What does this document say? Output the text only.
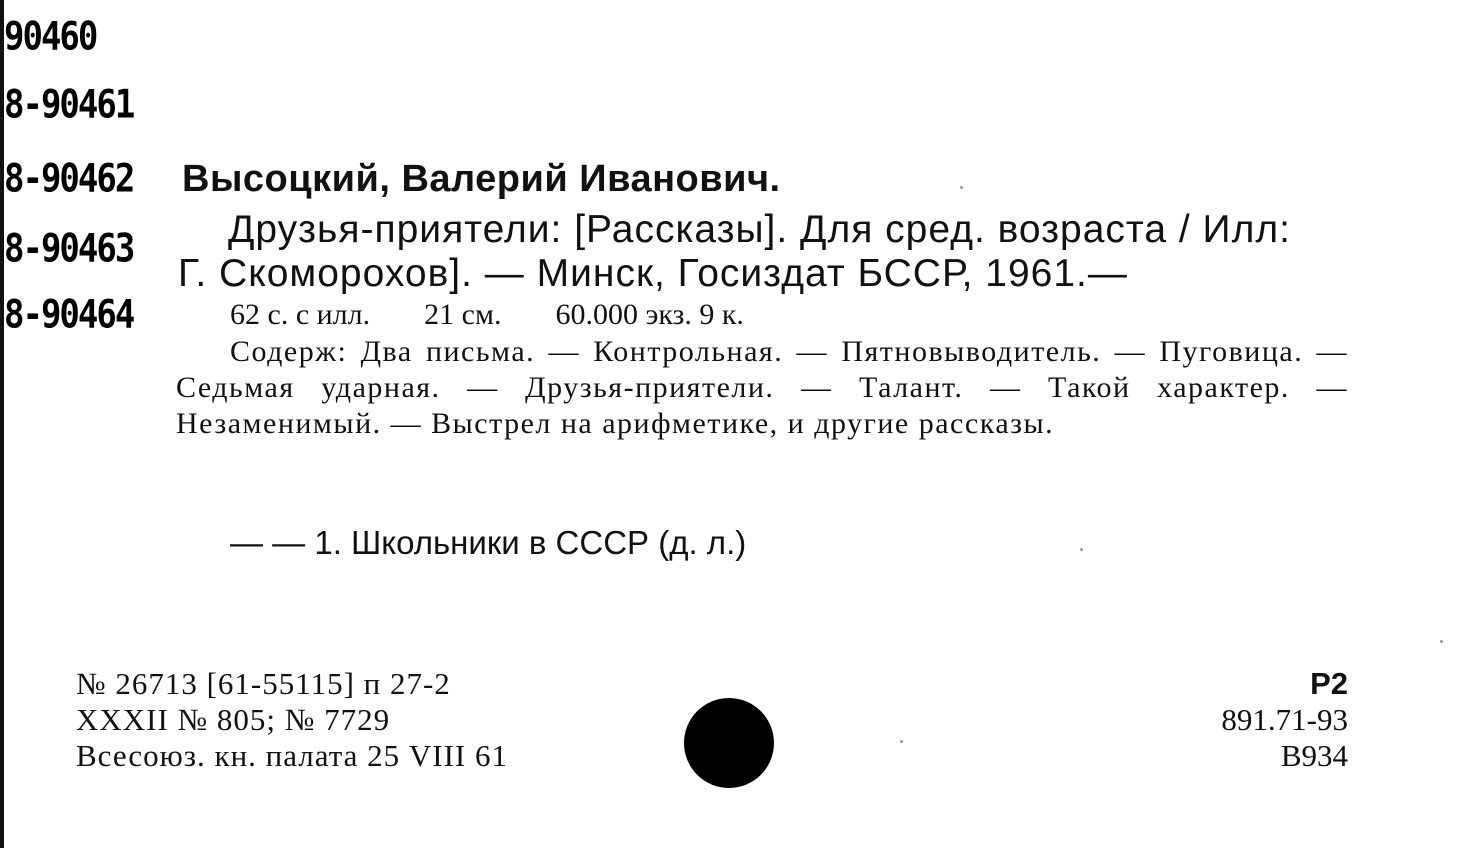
90460
8-90461
8-90462
8-90463
8-90464
Высоцкий, Валерий Иванович.
Друзья-приятели: [Рассказы]. Для сред. возраста / Илл:
Г. Скоморохов]. — Минск, Госиздат БССР, 1961.—
62 с. с илл. 21 см. 60.000 экз. 9 к.
Содерж: Два письма. — Контрольная. — Пятновыводитель. — Пуговица. — Седьмая ударная. — Друзья-приятели. — Талант. — Такой характер. — Незаменимый. — Выстрел на арифметике, и другие рассказы.
— — 1. Школьники в СССР (д. л.)
№ 26713 [61-55115] п 27-2
XXXII № 805; № 7729
Всесоюз. кн. палата 25 VIII 61
Р2
891.71-93
В934
